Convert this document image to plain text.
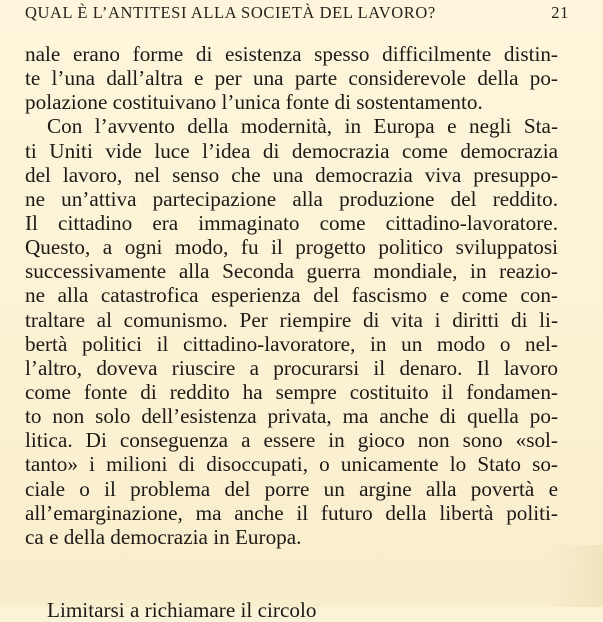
QUAL È L’ANTITESI ALLA SOCIETÀ DEL LAVORO?	21
nale erano forme di esistenza spesso difficilmente distin-
te l’una dall’altra e per una parte considerevole della po-
polazione costituivano l’unica fonte di sostentamento.
Con l’avvento della modernità, in Europa e negli Sta-
ti Uniti vide luce l’idea di democrazia come democrazia
del lavoro, nel senso che una democrazia viva presuppo-
ne un’attiva partecipazione alla produzione del reddito.
Il cittadino era immaginato come cittadino-lavoratore.
Questo, a ogni modo, fu il progetto politico sviluppatosi
successivamente alla Seconda guerra mondiale, in reazio-
ne alla catastrofica esperienza del fascismo e come con-
traltare al comunismo. Per riempire di vita i diritti di li-
bertà politici il cittadino-lavoratore, in un modo o nel-
l’altro, doveva riuscire a procurarsi il denaro. Il lavoro
come fonte di reddito ha sempre costituito il fondamen-
to non solo dell’esistenza privata, ma anche di quella po-
litica. Di conseguenza a essere in gioco non sono «sol-
tanto» i milioni di disoccupati, o unicamente lo Stato so-
ciale o il problema del porre un argine alla povertà e
all’emarginazione, ma anche il futuro della libertà politi-
ca e della democrazia in Europa.
Limitarsi a richiamare il circolo
